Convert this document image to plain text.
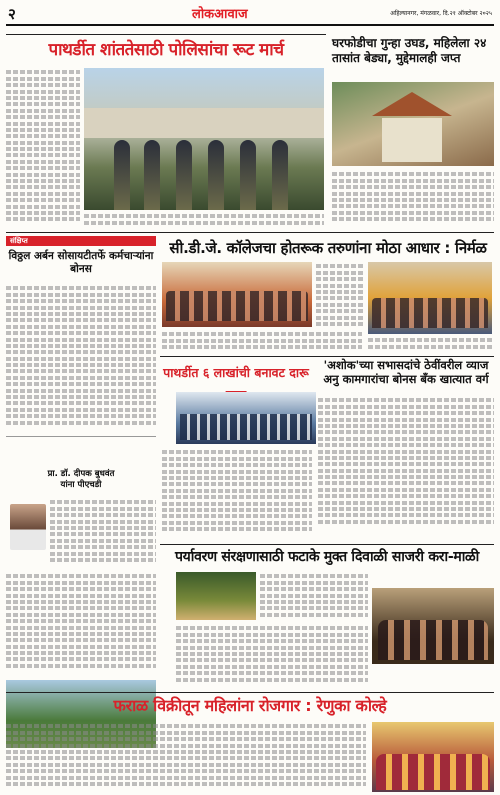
२	लोकआवाज	अहिल्यानगर, मंगळवार, दि.२१ ऑक्टोबर २०२५
पाथर्डीत शांततेसाठी पोलिसांचा रूट मार्च	घरफोडीचा गुन्हा उघड, महिलेला २४ तासांत बेड्या, मुद्देमालही जप्त
संक्षिप्त
विठ्ठल अर्बन सोसायटीतर्फे कर्मचाऱ्यांना बोनस
सी.डी.जे. कॉलेजचा होतरूक तरुणांना मोठा आधार : निर्मळ
पाथर्डीत ६ लाखांची बनावट दारू	'अशोक'च्या सभासदांचे ठेवींवरील व्याज अनु कामगारांचा बोनस बँक खात्यात वर्ग
प्रा. डॉ. दीपक बुधवंत
यांना पीएचडी
पर्यावरण संरक्षणासाठी फटाके मुक्त दिवाळी साजरी करा-माळी
फराळ विक्रीतून महिलांना रोजगार : रेणुका कोल्हे
